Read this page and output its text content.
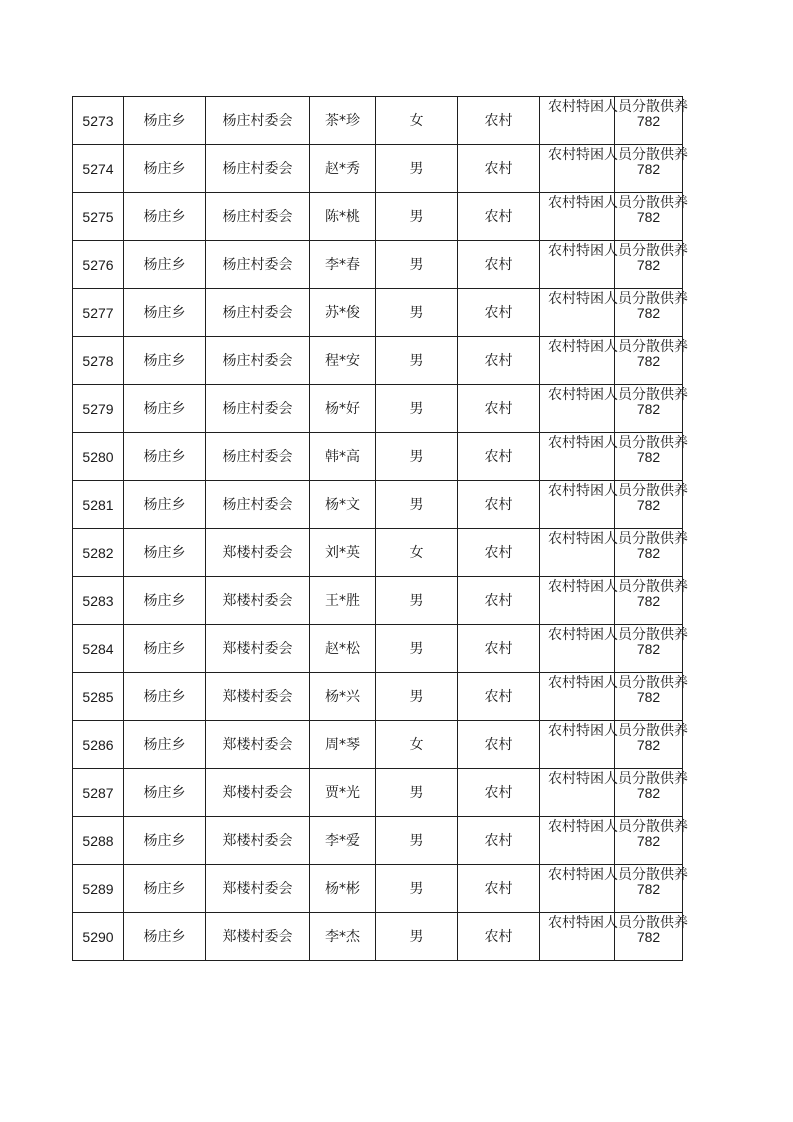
5273	杨庄乡	杨庄村委会	茶*珍	女	农村	农村特困人员分散供养	782
5274	杨庄乡	杨庄村委会	赵*秀	男	农村	农村特困人员分散供养	782
5275	杨庄乡	杨庄村委会	陈*桃	男	农村	农村特困人员分散供养	782
5276	杨庄乡	杨庄村委会	李*春	男	农村	农村特困人员分散供养	782
5277	杨庄乡	杨庄村委会	苏*俊	男	农村	农村特困人员分散供养	782
5278	杨庄乡	杨庄村委会	程*安	男	农村	农村特困人员分散供养	782
5279	杨庄乡	杨庄村委会	杨*好	男	农村	农村特困人员分散供养	782
5280	杨庄乡	杨庄村委会	韩*高	男	农村	农村特困人员分散供养	782
5281	杨庄乡	杨庄村委会	杨*文	男	农村	农村特困人员分散供养	782
5282	杨庄乡	郑楼村委会	刘*英	女	农村	农村特困人员分散供养	782
5283	杨庄乡	郑楼村委会	王*胜	男	农村	农村特困人员分散供养	782
5284	杨庄乡	郑楼村委会	赵*松	男	农村	农村特困人员分散供养	782
5285	杨庄乡	郑楼村委会	杨*兴	男	农村	农村特困人员分散供养	782
5286	杨庄乡	郑楼村委会	周*琴	女	农村	农村特困人员分散供养	782
5287	杨庄乡	郑楼村委会	贾*光	男	农村	农村特困人员分散供养	782
5288	杨庄乡	郑楼村委会	李*爱	男	农村	农村特困人员分散供养	782
5289	杨庄乡	郑楼村委会	杨*彬	男	农村	农村特困人员分散供养	782
5290	杨庄乡	郑楼村委会	李*杰	男	农村	农村特困人员分散供养	782
